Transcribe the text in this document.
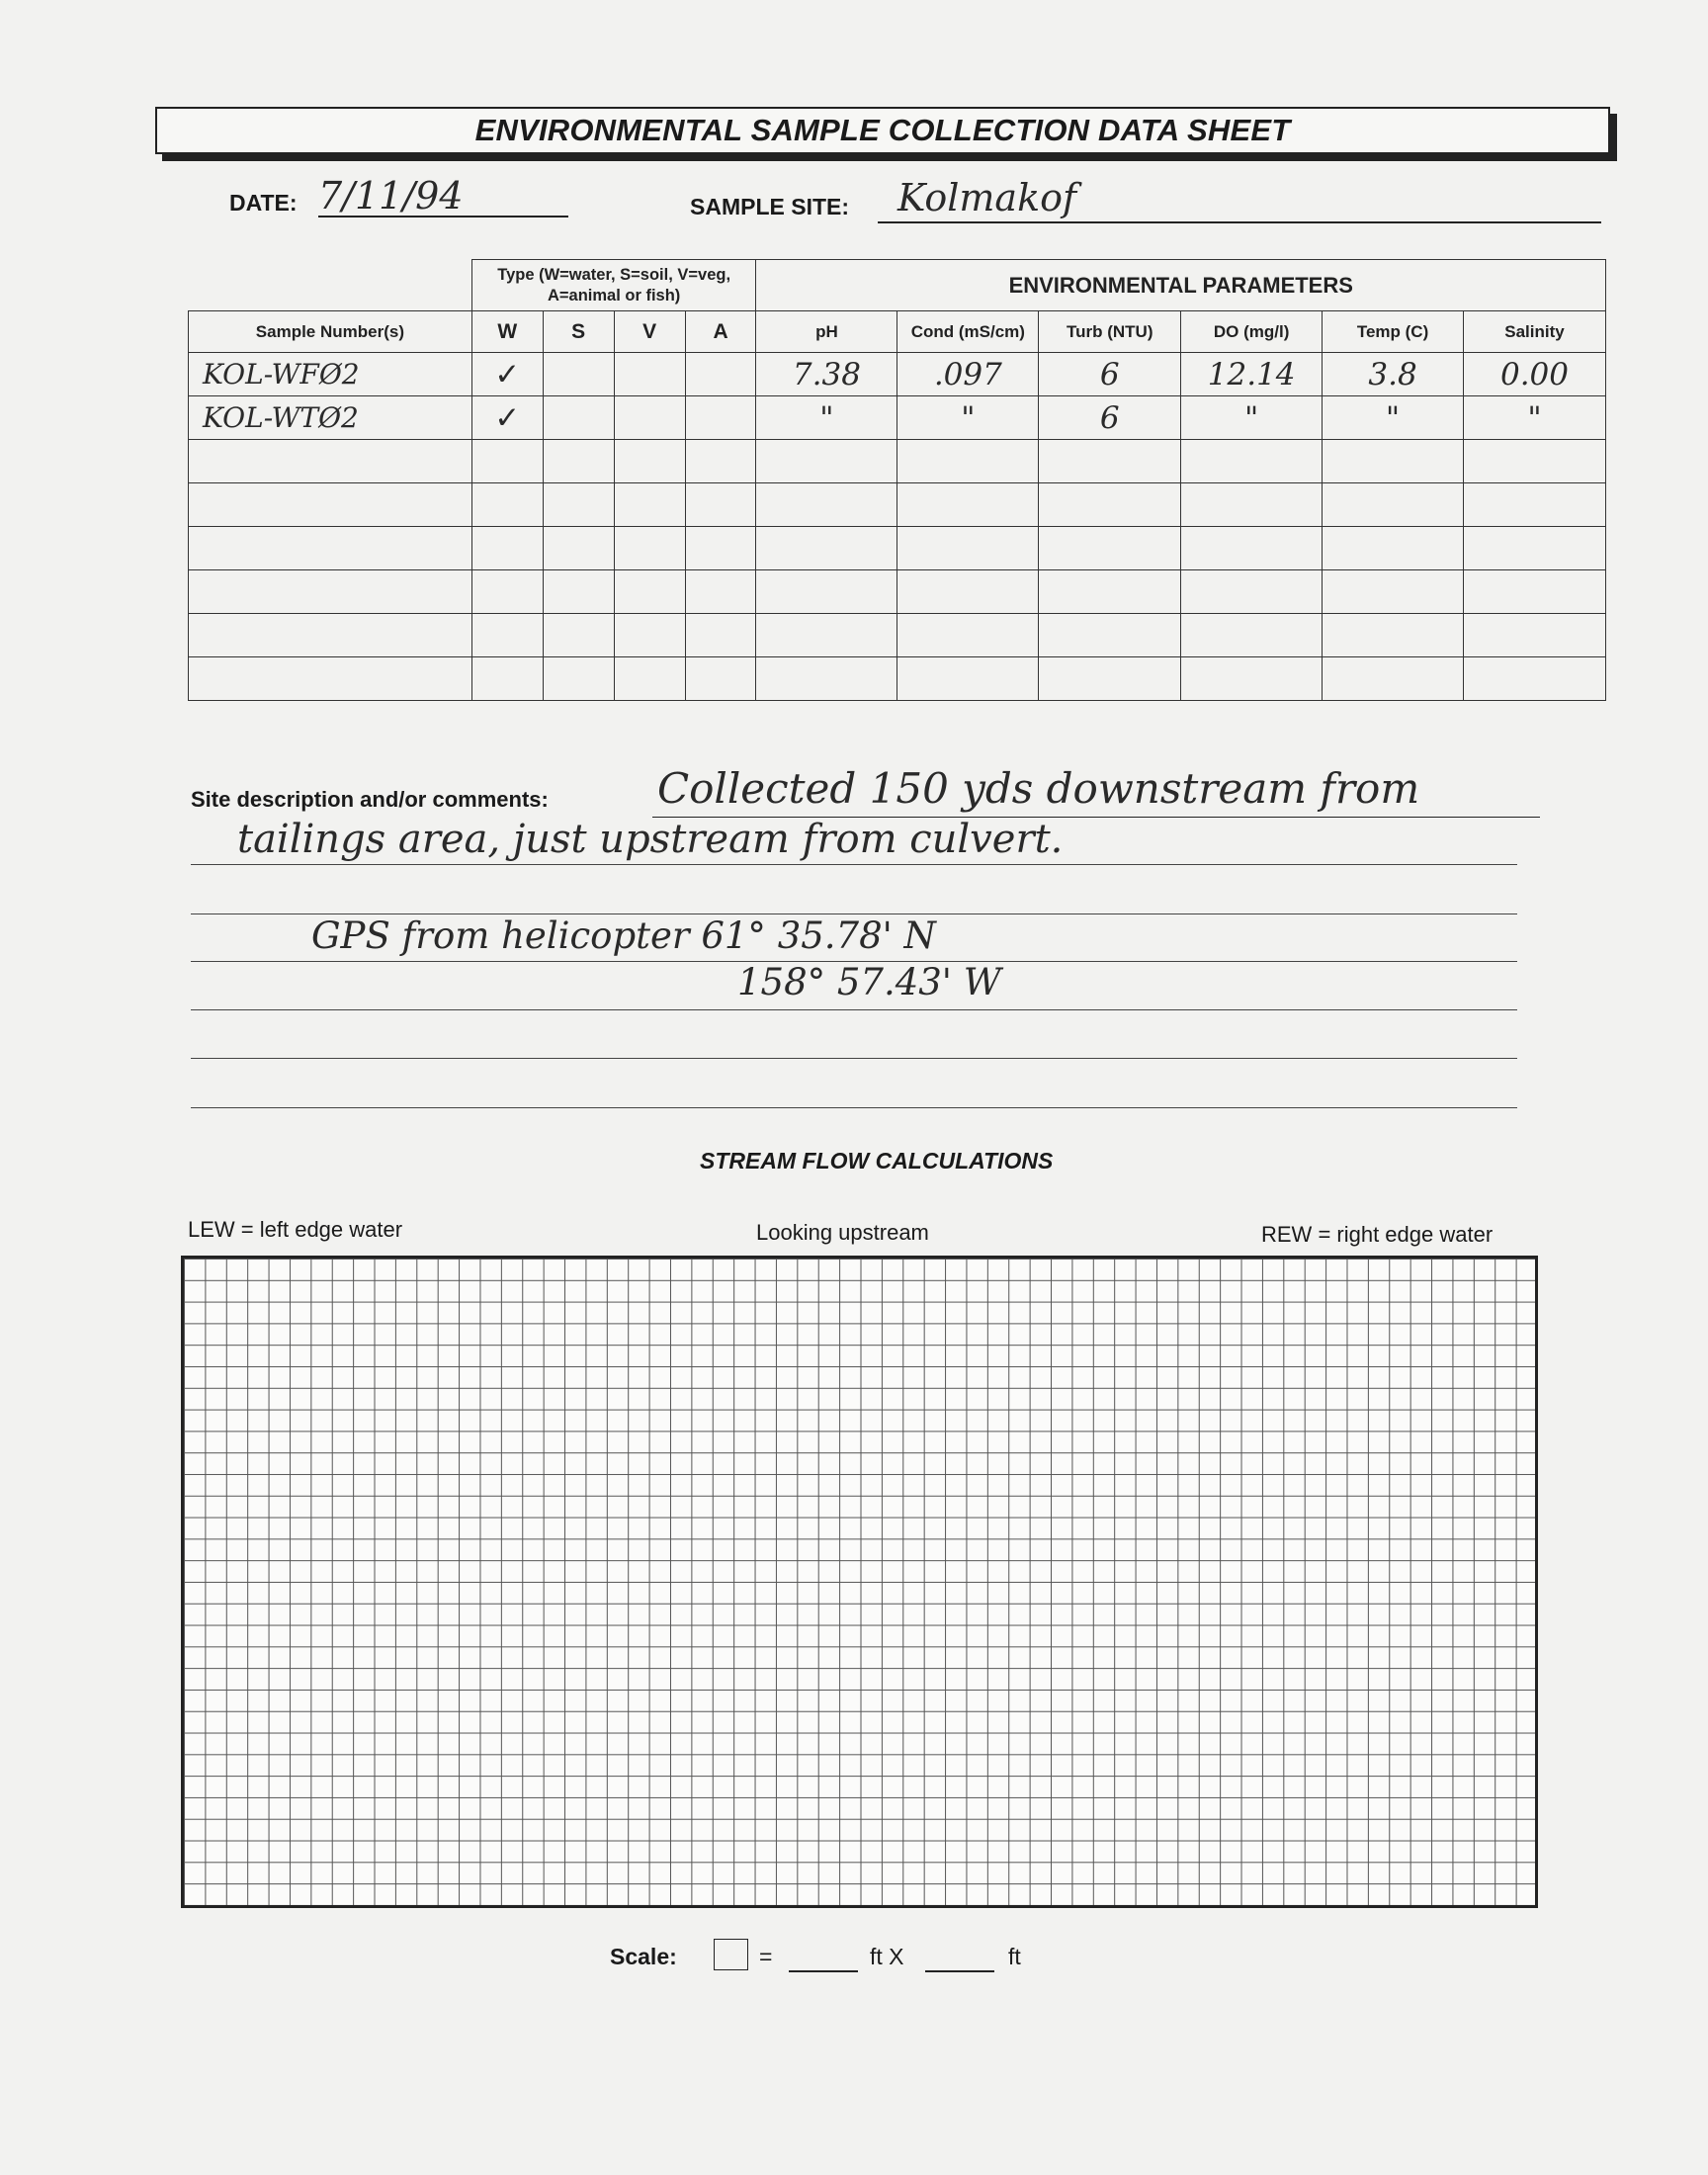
ENVIRONMENTAL SAMPLE COLLECTION DATA SHEET
DATE: 7/11/94	SAMPLE SITE: Kolmakof
	Type (W=water, S=soil, V=veg, A=animal or fish)				ENVIRONMENTAL PARAMETERS					
Sample Number(s)	W	S	V	A	pH	Cond (mS/cm)	Turb (NTU)	DO (mg/l)	Temp (C)	Salinity
KOL-WFØ2	✓				7.38	.097	6	12.14	3.8	0.00
KOL-WTØ2	✓				"	"	6	"	"	"

Site description and/or comments:	Collected 150 yds downstream from
tailings area, just upstream from culvert.
GPS from helicopter 61° 35.78' N
158° 57.43' W
STREAM FLOW CALCULATIONS
LEW = left edge water	Looking upstream	REW = right edge water
Scale:	=	ft X	ft
